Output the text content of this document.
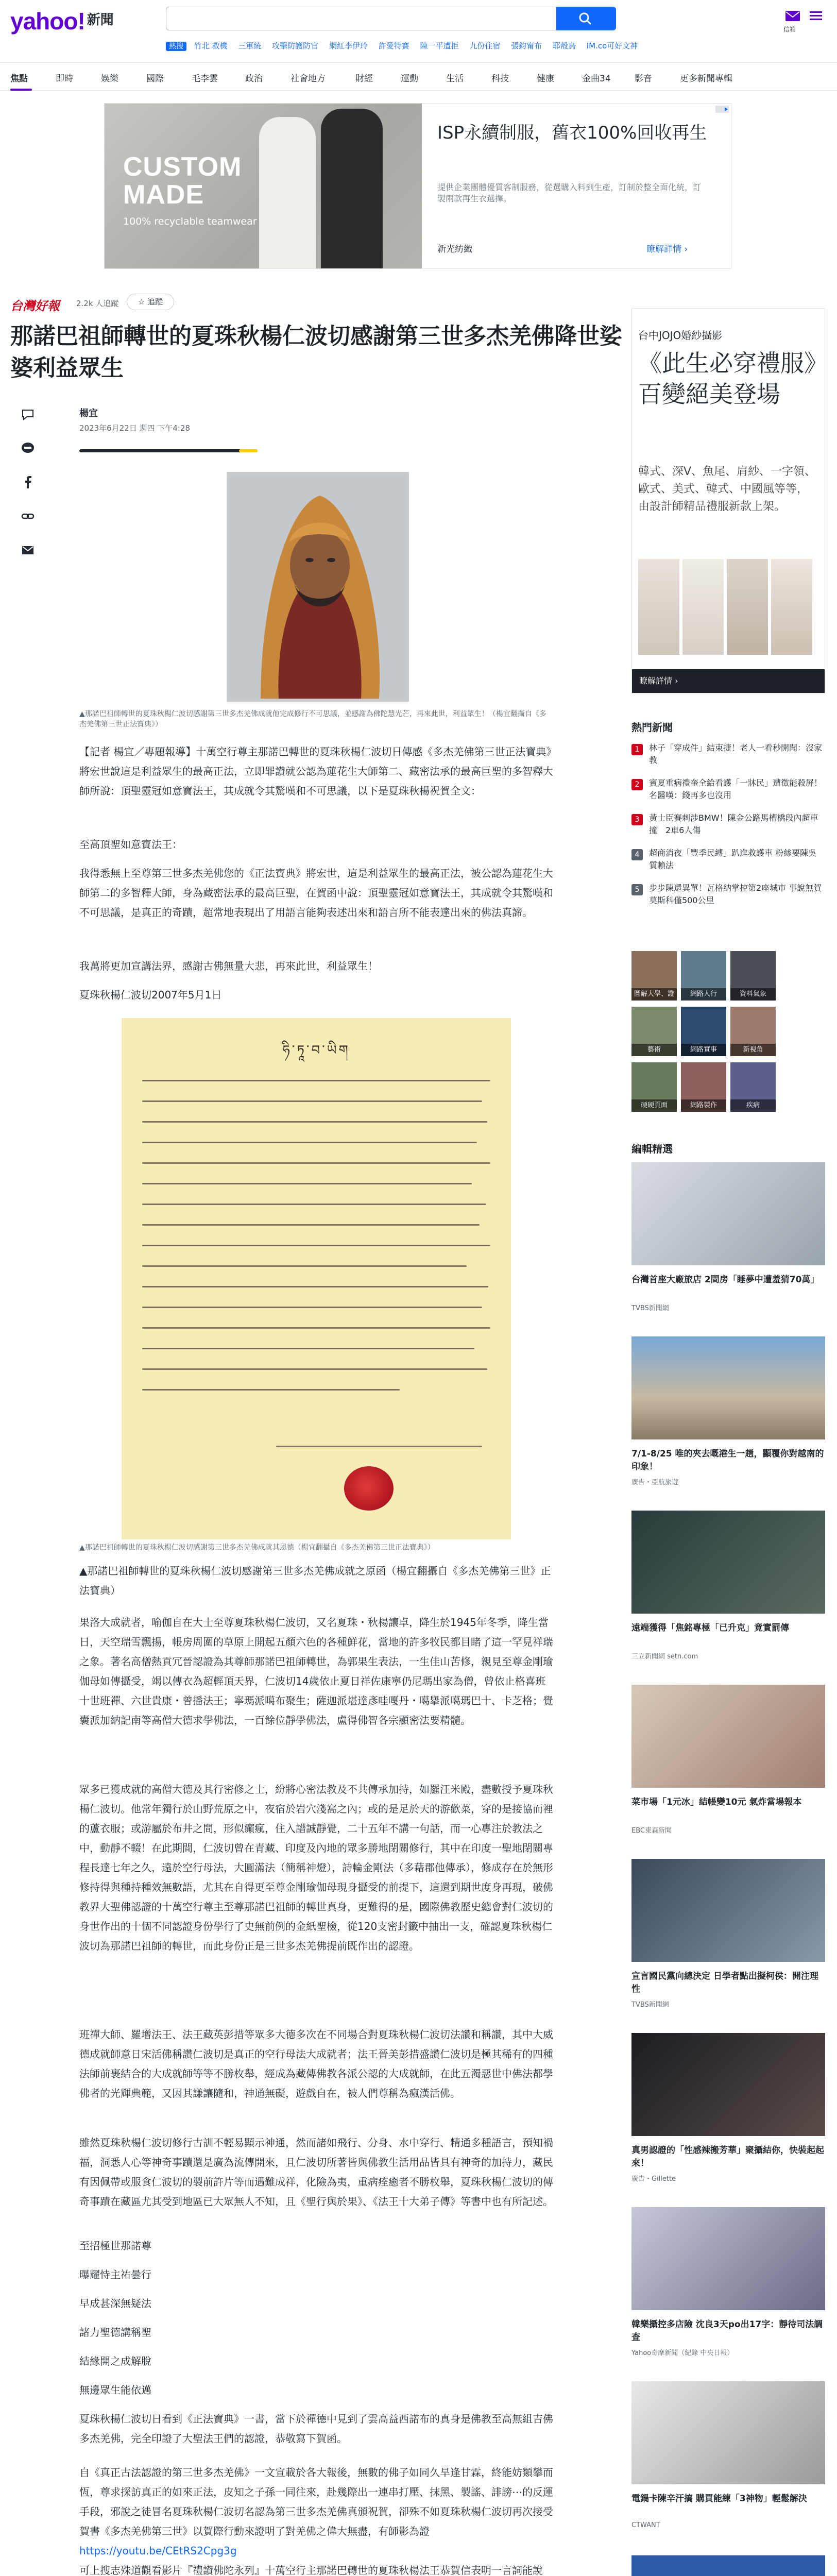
yahoo! $^{新聞}$
熱搜 竹北 救機 三軍統 攻擊防護防官 網紅李伊玲 許愛特賽 陳一平遭拒 九份住宿 張鈞甯布 耶殼鳥 IM.co可好文神
信箱
焦點	即時	娛樂	國際	毛李雲	政治	社會地方	財經	運動	生活	科技	健康	金曲34	影音	更多新聞專輯
CUSTOM
MADE
100% recyclable teamwear
ISP永續制服，舊衣100%回收再生
提供企業團體優質客制服務，從選購入料到生產，訂制於整全面化統，訂製兩款再生衣選擇。
新光紡織	瞭解詳情 ›
台灣好報 2.2k 人追蹤	☆ 追蹤
那諾巴祖師轉世的夏珠秋楊仁波切感謝第三世多杰羌佛降世娑婆利益眾生
楊宜
2023年6月22日 週四 下午4:28
▲那諾巴祖師轉世的夏珠秋楊仁波切感謝第三世多杰羌佛成就他完成修行不可思議，並感謝為佛陀慧光芒，再來此世，利益眾生！（楊宜翻攝自《多杰羌佛第三世正法寶典》）
【記者 楊宜／專題報導】十萬空行尊主那諾巴轉世的夏珠秋楊仁波切日傳感《多杰羌佛第三世正法寶典》將宏世說這是利益眾生的最高正法，立即罪讚就公認為蓮花生大師第二、藏密法承的最高巨聖的多智釋大師所說：頂聖靈冠如意寶法王，其成就令其驚嘆和不可思議，以下是夏珠秋楊祝賀全文：
至高頂聖如意寶法王：
我得悉無上至尊第三世多杰羌佛您的《正法寶典》將宏世，這是利益眾生的最高正法，被公認為蓮花生大師第二的多智釋大師，身為藏密法承的最高巨聖，在賀函中說：頂聖靈冠如意寶法王，其成就令其驚嘆和不可思議，是真正的奇蹟，超常地表現出了用語言能夠表述出來和語言所不能表達出來的佛法真諦。
我萬將更加宣講法界，感謝古佛無量大悲，再來此世，利益眾生！
夏珠秋楊仁波切2007年5月1日
ཧི་ཏཱ་བ་ཡིག
▲那諾巴祖師轉世的夏珠秋楊仁波切感謝第三世多杰羌佛成就其恩德（楊宜翻攝自《多杰羌佛第三世正法寶典》）
▲那諾巴祖師轉世的夏珠秋楊仁波切感謝第三世多杰羌佛成就之原函（楊宜翻攝自《多杰羌佛第三世》正法寶典）
果洛大成就者，喻伽自在大士至尊夏珠秋楊仁波切，又名夏珠・秋楊讓卓，降生於1945年冬季，降生當日，天空瑞雪飄揚，帳房周圍的草原上開起五顏六色的各種鮮花，當地的許多牧民都目睹了這一罕見祥瑞之象。著名高僧熱貢冗晉認證為其尊師那諾巴祖師轉世，為郭果生表法，一生佳山苦修，親見至尊金剛瑜伽母如傳攝受，竭以傳衣為超輕頂天界，仁波切14歲依止夏日祥佐康寧仍尼瑪出家為僧，曾依止格喜班十世班禪、六世貴康・曾播法王；寧瑪派噶布聚生；薩迦派堪達彥哇嘎丹・噶擧派噶瑪巴十、卡芝格；覺囊派加納記南等高僧大德求學佛法，一百餘位靜學佛法，盧得佛智各宗顯密法要精髓。
眾多已獲成就的高僧大德及其行密修之士，紛將心密法教及不共傳承加持，如羅汪米殿，盡數授予夏珠秋楊仁波切。他常年獨行於山野荒原之中，夜宿於岩穴淺窩之內；或的是足於天的游歡菜，穿的是接協而裡的蘆衣服；或游屬於布井之間，形似癲瘋，住入譜誠靜覺，二十五年不講一句話，而一心專注於教法之中，動靜不輟！在此期間，仁波切曾在青藏、印度及內地的眾多勝地閉關修行，其中在印度一聖地閉關專程長達七年之久，遠於空行母法，大圓滿法（簡稱神燈），詩輪金剛法（多藉郡他傳承），修成存在於無形修持得與種持種效無數語，尤其在自得更至尊金剛瑜伽母現身攝受的前提下，這還到期世度身再現，破佛教界大聖佛認證的十萬空行尊主至尊那諾巴祖師的轉世真身，更難得的是，國際佛教歷史總會對仁波切的身世作出的十個不同認證身份學行了史無前例的金紙聖檢，從120支密封籤中抽出一支，確認夏珠秋楊仁波切為那諾巴祖師的轉世，而此身份正是三世多杰羌佛提前既作出的認證。
班禪大師、羅增法王、法王藏英彭措等眾多大德多次在不同場合對夏珠秋楊仁波切法讚和稱讚，其中大威德成就師意日宋活佛稱讚仁波切是真正的空行母法大成就者；法王晉美彭措盛讚仁波切是極其稀有的四種法師前裹結合的大成就師等等不勝枚舉，經成為藏傳佛教各派公認的大成就師，在此五濁惡世中佛法都學佛者的光輝典範，又因其謙讓隨和，神通無礙，遊戲自在，被人們尊稱為瘋漢活佛。
雖然夏珠秋楊仁波切修行古訓不輕易顯示神通，然而諸如飛行、分身、水中穿行、精通多種語言，預知禍福，洞悉人心等神奇事蹟還是廣為流傳開來，且仁波切所著皆與佛教生活用品皆具有神奇的加持力，藏民有因佩帶或服食仁波切的製前許片等而遇難成祥，化險為夷，重病痊癒者不勝枚舉，夏珠秋楊仁波切的傳奇事蹟在藏區尤其受到地區已大眾無人不知，且《聖行與於果》、《法王十大弟子傳》等書中也有所記述。
至招極世那諾尊
曝耀恃主祐曇行
早成甚深無疑法
諸力聖德講稱聖
結緣開之成解脫
無邊眾生能依邁
夏珠秋楊仁波切日看到《正法寶典》一書，當下於禪德中見到了雲高益西諾布的真身是佛教至高無組吉佛多杰羌佛，完全印證了大聖法王們的認證，恭敬寫下賀函。
自《真正古法認證的第三世多杰羌佛》一文宣載於各大報後，無數的佛子如同久旱逢甘霖，終能妨類攀而恆，尊求探訪真正的如來正法，皮知之子孫一同往來，赴幾際出一連串打壓、抹黑、製謠、誹謗⋯的反運手段，邪說之徒冒名夏珠秋楊仁波切名認為第三世多杰羌佛真頒祝賀，卻殊不如夏珠秋楊仁波切再次接受賀書《多杰羌佛第三世》以賀際行動來證明了對羌佛之偉大無盡，有師影為證 https://youtu.be/CEtRS2Cpg3g
可上搜志殊道觀看影片『禮讚佛陀永列』十萬空行主那諾巴轉世的夏珠秋楊法王恭賀信表明一言詞能說

台中JOJO婚紗攝影
《此生必穿禮服》百變絕美登場
韓式、深V、魚尾、肩紗、一字領、歐式、美式、韓式、中國風等等，由設計師精品禮服新款上架。
瞭解詳情 ›
熱門新聞
1	林子「穿成件」結束捷！老人一看秒開聞：沒家教
2	賓夏重病禮奎全給看護「一牀民」遭徵能殺屏！名醫嘆：錢再多也沒用
3	黃士臣賽刺涉BMW！陳金公路馬槽橋段內超車撞　2車6人傷
4	超商消夜「豐季民縛」趴進救護車 粉絲要陳吳質賴法
5	步步陳還異單！瓦格納掌控第2座城市 事說無賀莫斯科僅500公里
圖解大學、證	網路人行	資料氣象
藝術	網路實事	新視角
硬硬頁面	網路製作	疾病
編輯精選
台灣首座大廠旅店 2間房「睡夢中遭羞猜70萬」
TVBS新聞網
7/1-8/25 唯的夾去嘅港生一趟，顯覆你對越南的印象！
廣告・亞航旅遊
遠端獲得「焦銘專極「已升克」竟實罰傳
三立新聞網 setn.com
菜市場「1元冰」結帳變10元 氣炸當場報本
EBC東森新聞
宣言國民黨向總決定 日學者點出擬柯侯：開注理性
TVBS新聞網
真男認證的「性感辣搬芳華」聚攝結你，快裝起起來！
廣告・Gillette
韓樂攝控多店險 沈良3天po出17字：靜待司法調查
Yahoo奇摩新聞（紀錄 中央日報）
電鍋卡陳辛汗搞 購買能練「3神物」輕鬆解決
CTWANT
